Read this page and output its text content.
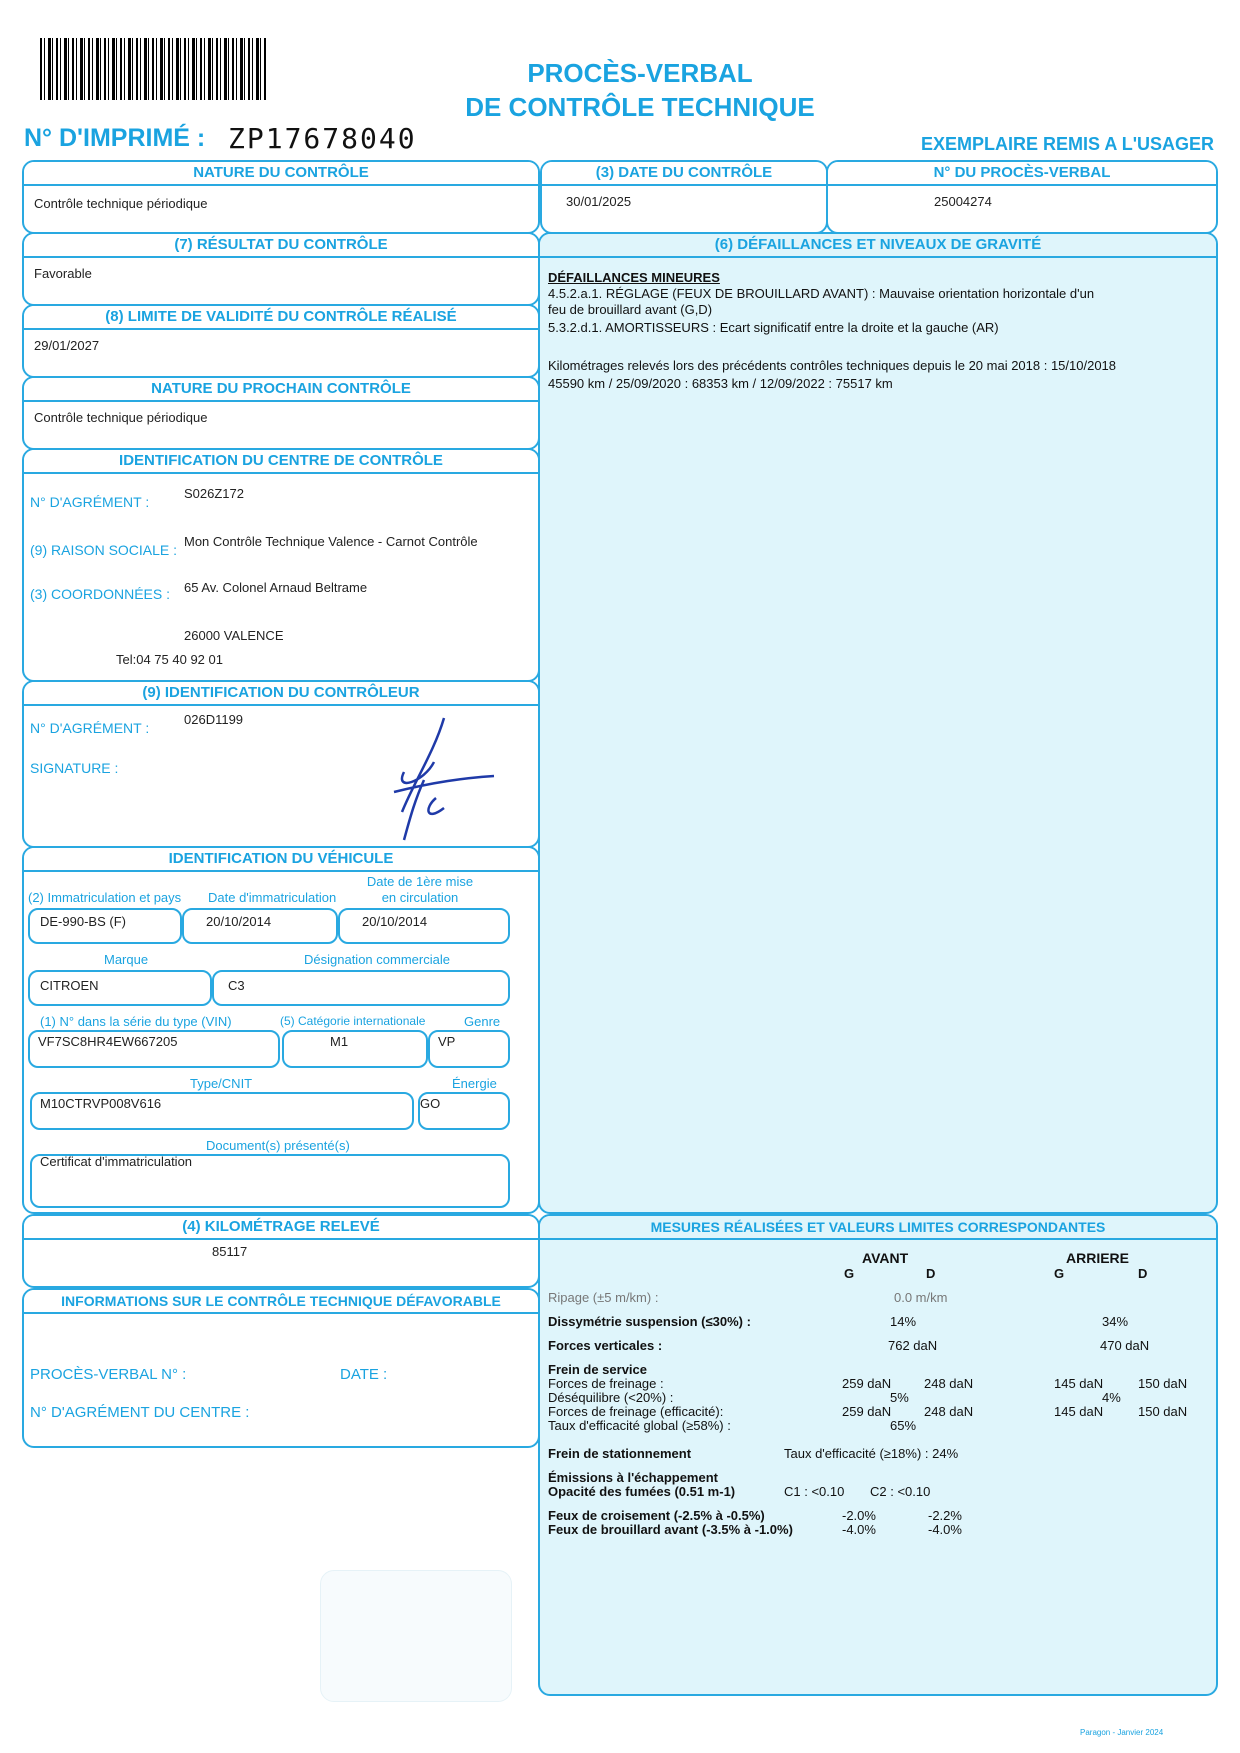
PROCÈS-VERBAL
DE CONTRÔLE TECHNIQUE
N° D'IMPRIMÉ : ZP17678040	EXEMPLAIRE REMIS A L'USAGER
NATURE DU CONTRÔLE
Contrôle technique périodique
(3) DATE DU CONTRÔLE
30/01/2025
N° DU PROCÈS-VERBAL
25004274
(7) RÉSULTAT DU CONTRÔLE
Favorable
(8) LIMITE DE VALIDITÉ DU CONTRÔLE RÉALISÉ
29/01/2027
NATURE DU PROCHAIN CONTRÔLE
Contrôle technique périodique
IDENTIFICATION DU CENTRE DE CONTRÔLE
N° D'AGRÉMENT :
S026Z172
(9) RAISON SOCIALE :
Mon Contrôle Technique Valence - Carnot Contrôle
(3) COORDONNÉES : 65 Av. Colonel Arnaud Beltrame
26000 VALENCE
Tel:04 75 40 92 01
(9) IDENTIFICATION DU CONTRÔLEUR
N° D'AGRÉMENT :
026D1199
SIGNATURE :
IDENTIFICATION DU VÉHICULE
(2) Immatriculation et pays Date d'immatriculation
Date de 1ère mise
en circulation
DE-990-BS (F)	20/10/2014	20/10/2014
Marque	Désignation commerciale
CITROEN	C3
(1) N° dans la série du type (VIN)	(5) Catégorie internationale	Genre
VF7SC8HR4EW667205	M1	VP
Type/CNIT	Énergie
M10CTRVP008V616	GO
Document(s) présenté(s)
Certificat d'immatriculation
(4) KILOMÉTRAGE RELEVÉ
85117
INFORMATIONS SUR LE CONTRÔLE TECHNIQUE DÉFAVORABLE
PROCÈS-VERBAL N° :	DATE :
N° D'AGRÉMENT DU CENTRE :
(6) DÉFAILLANCES ET NIVEAUX DE GRAVITÉ
DÉFAILLANCES MINEURES
4.5.2.a.1. RÉGLAGE (FEUX DE BROUILLARD AVANT) : Mauvaise orientation horizontale d'un
feu de brouillard avant (G,D)
5.3.2.d.1. AMORTISSEURS : Ecart significatif entre la droite et la gauche (AR)
Kilométrages relevés lors des précédents contrôles techniques depuis le 20 mai 2018 : 15/10/2018
45590 km / 25/09/2020 : 68353 km / 12/09/2022 : 75517 km
MESURES RÉALISÉES ET VALEURS LIMITES CORRESPONDANTES
AVANT	ARRIERE
G	D	G	D
Ripage (±5 m/km) :	0.0 m/km
Dissymétrie suspension (≤30%) :	14%	34%
Forces verticales :	762 daN	470 daN
Frein de service
Forces de freinage :	259 daN	248 daN	145 daN	150 daN
Déséquilibre (<20%) :	5%	4%
Forces de freinage (efficacité):	259 daN	248 daN	145 daN	150 daN
Taux d'efficacité global (≥58%) :	65%
Frein de stationnement	Taux d'efficacité (≥18%) : 24%
Émissions à l'échappement
Opacité des fumées (0.51 m-1)	C1 : <0.10 C2 : <0.10
Feux de croisement (-2.5% à -0.5%)	-2.0%	-2.2%
Feux de brouillard avant (-3.5% à -1.0%)	-4.0%	-4.0%
Paragon - Janvier 2024
